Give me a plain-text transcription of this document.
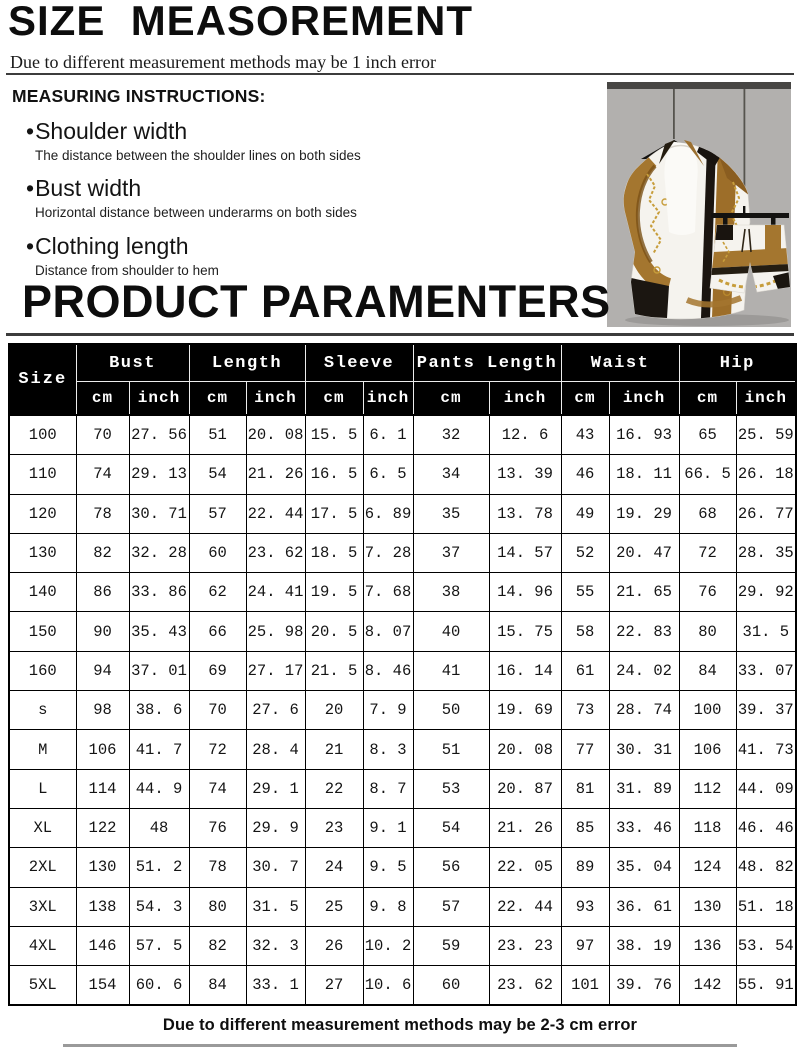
SIZE  MEASOREMENT
Due to different measurement methods may be 1 inch error
MEASURING INSTRUCTIONS:
•Shoulder width
The distance between the shoulder lines on both sides
•Bust width
Horizontal distance between underarms on both sides
•Clothing length
Distance from shoulder to hem
PRODUCT PARAMENTERS
Size	Bust		Length		Sleeve		Pants Length		Waist		Hip	
	cm	inch	cm	inch	cm	inch	cm	inch	cm	inch	cm	inch
100	70	27. 56	51	20. 08	15. 5	6. 1	32	12. 6	43	16. 93	65	25. 59
110	74	29. 13	54	21. 26	16. 5	6. 5	34	13. 39	46	18. 11	66. 5	26. 18
120	78	30. 71	57	22. 44	17. 5	6. 89	35	13. 78	49	19. 29	68	26. 77
130	82	32. 28	60	23. 62	18. 5	7. 28	37	14. 57	52	20. 47	72	28. 35
140	86	33. 86	62	24. 41	19. 5	7. 68	38	14. 96	55	21. 65	76	29. 92
150	90	35. 43	66	25. 98	20. 5	8. 07	40	15. 75	58	22. 83	80	31. 5
160	94	37. 01	69	27. 17	21. 5	8. 46	41	16. 14	61	24. 02	84	33. 07
s	98	38. 6	70	27. 6	20	7. 9	50	19. 69	73	28. 74	100	39. 37
M	106	41. 7	72	28. 4	21	8. 3	51	20. 08	77	30. 31	106	41. 73
L	114	44. 9	74	29. 1	22	8. 7	53	20. 87	81	31. 89	112	44. 09
XL	122	48	76	29. 9	23	9. 1	54	21. 26	85	33. 46	118	46. 46
2XL	130	51. 2	78	30. 7	24	9. 5	56	22. 05	89	35. 04	124	48. 82
3XL	138	54. 3	80	31. 5	25	9. 8	57	22. 44	93	36. 61	130	51. 18
4XL	146	57. 5	82	32. 3	26	10. 2	59	23. 23	97	38. 19	136	53. 54
5XL	154	60. 6	84	33. 1	27	10. 6	60	23. 62	101	39. 76	142	55. 91
Due to different measurement methods may be 2-3 cm error
